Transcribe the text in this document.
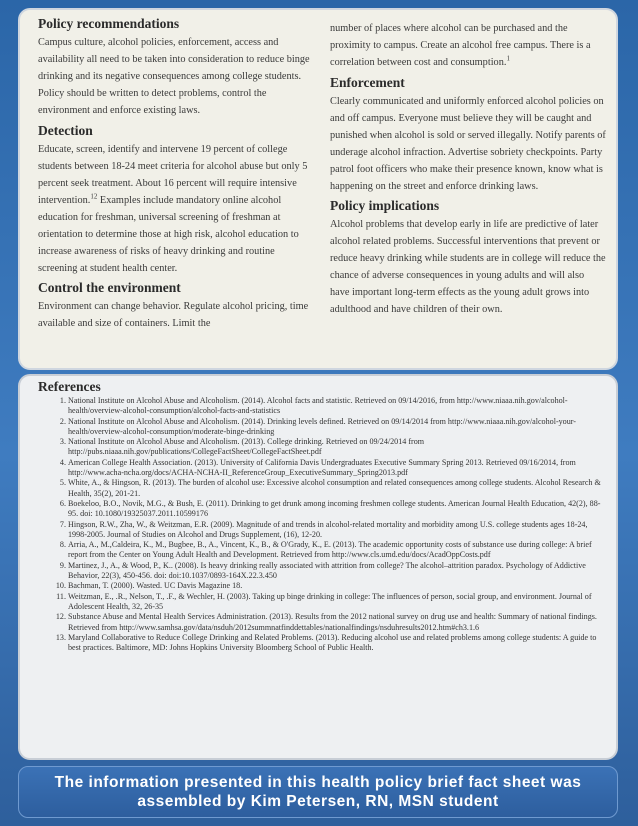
Policy recommendations

Campus culture, alcohol policies, enforcement, access and availability all need to be taken into consideration to reduce binge drinking and its negative consequences among college students. Policy should be written to detect problems, control the environment and enforce existing laws.

Detection

Educate, screen, identify and intervene 19 percent of college students between 18-24 meet criteria for alcohol abuse but only 5 percent seek treatment. About 16 percent will require intensive intervention.$^{12}$ Examples include mandatory online alcohol education for freshman, universal screening of freshman at orientation to determine those at high risk, alcohol education to increase awareness of risks of heavy drinking and routine screening at student health center.

Control the environment

Environment can change behavior. Regulate alcohol pricing, time available and size of containers. Limit the

number of places where alcohol can be purchased and the proximity to campus. Create an alcohol free campus. There is a correlation between cost and consumption.$^1$

Enforcement

Clearly communicated and uniformly enforced alcohol policies on and off campus. Everyone must believe they will be caught and punished when alcohol is sold or served illegally. Notify parents of underage alcohol infraction. Advertise sobriety checkpoints. Party patrol foot officers who make their presence known, know what is happening on the street and enforce drinking laws.

Policy implications

Alcohol problems that develop early in life are predictive of later alcohol related problems. Successful interventions that prevent or reduce heavy drinking while students are in college will reduce the chance of adverse consequences in young adults and will also have important long-term effects as the young adult grows into adulthood and have children of their own.

References
1. National Institute on Alcohol Abuse and Alcoholism. (2014). Alcohol facts and statistic. Retrieved on 09/14/2016, from http://www.niaaa.nih.gov/alcohol-health/overview-alcohol-consumption/alcohol-facts-and-statistics
2. National Institute on Alcohol Abuse and Alcoholism. (2014). Drinking levels defined. Retrieved on 09/14/2014 from http://www.niaaa.nih.gov/alcohol-your-health/overview-alcohol-consumption/moderate-binge-drinking
3. National Institute on Alcohol Abuse and Alcoholism. (2013). College drinking. Retrieved on 09/24/2014 from http://pubs.niaaa.nih.gov/publications/CollegeFactSheet/CollegeFactSheet.pdf
4. American College Health Association. (2013). University of California Davis Undergraduates Executive Summary Spring 2013. Retrieved 09/16/2014, from http://www.acha-ncha.org/docs/ACHA-NCHA-II_ReferenceGroup_ExecutiveSummary_Spring2013.pdf
5. White, A., & Hingson, R. (2013). The burden of alcohol use: Excessive alcohol consumption and related consequences among college students. Alcohol Research & Health, 35(2), 201-21.
6. Boekeloo, B.O., Novik, M.G., & Bush, E. (2011). Drinking to get drunk among incoming freshmen college students. American Journal Health Education, 42(2), 88-95. doi: 10.1080/19325037.2011.10599176
7. Hingson, R.W., Zha, W., & Weitzman, E.R. (2009). Magnitude of and trends in alcohol-related mortality and morbidity among U.S. college students ages 18-24, 1998-2005. Journal of Studies on Alcohol and Drugs Supplement, (16), 12-20.
8. Arria, A., M.,Caldeira, K., M., Bugbee, B., A., Vincent, K., B., & O'Grady, K., E. (2013). The academic opportunity costs of substance use during college: A brief report from the Center on Young Adult Health and Development. Retrieved from http://www.cls.umd.edu/docs/AcadOppCosts.pdf
9. Martinez, J., A., & Wood, P., K.. (2008). Is heavy drinking really associated with attrition from college? The alcohol–attrition paradox. Psychology of Addictive Behavior, 22(3), 450-456. doi: doi:10.1037/0893-164X.22.3.450
10. Bachman, T. (2000). Wasted. UC Davis Magazine 18.
11. Weitzman, E., .R., Nelson, T., .F., & Wechler, H. (2003). Taking up binge drinking in college: The influences of person, social group, and environment. Journal of Adolescent Health, 32, 26-35
12. Substance Abuse and Mental Health Services Administration. (2013). Results from the 2012 national survey on drug use and health: Summary of national findings. Retrieved from http://www.samhsa.gov/data/nsduh/2012summnatfinddettables/nationalfindings/nsduhresults2012.htm#ch3.1.6
13. Maryland Collaborative to Reduce College Drinking and Related Problems. (2013). Reducing alcohol use and related problems among college students: A guide to best practices. Baltimore, MD: Johns Hopkins University Bloomberg School of Public Health.
The information presented in this health policy brief fact sheet was
assembled by Kim Petersen, RN, MSN student
